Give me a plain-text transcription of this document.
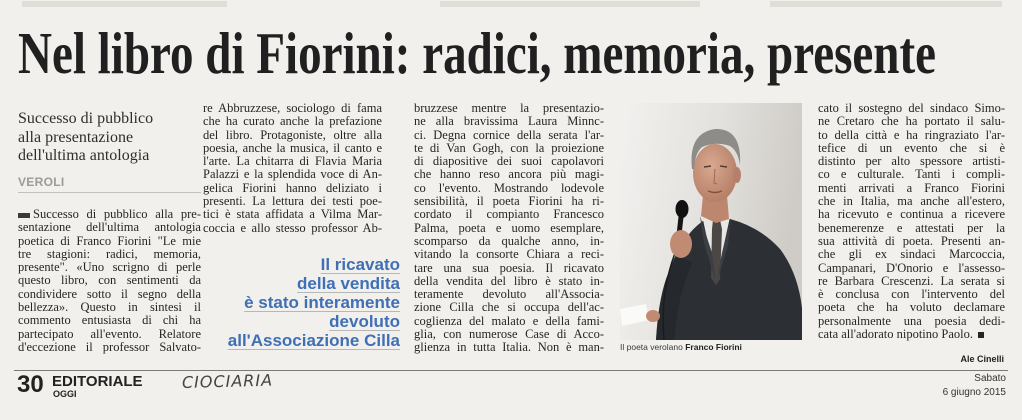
Nel libro di Fiorini: radici, memoria, presente
Successo di pubblico
alla presentazione
dell'ultima antologia
VEROLI
Successo di pubblico alla pre-
sentazione dell'ultima antologia
poetica di Franco Fiorini "Le mie
tre stagioni: radici, memoria,
presente". «Uno scrigno di perle
questo libro, con sentimenti da
condividere sotto il segno della
bellezza». Questo in sintesi il
commento entusiasta di chi ha
partecipato all'evento. Relatore
d'eccezione il professor Salvato-
re Abbruzzese, sociologo di fama
che ha curato anche la prefazione
del libro. Protagoniste, oltre alla
poesia, anche la musica, il canto e
l'arte. La chitarra di Flavia Maria
Palazzi e la splendida voce di An-
gelica Fiorini hanno deliziato i
presenti. La lettura dei testi poe-
tici è stata affidata a Vilma Mar-
coccia e allo stesso professor Ab-
Il ricavato
della vendita
è stato interamente
devoluto
all'Associazione Cilla
bruzzese mentre la presentazio-
ne alla bravissima Laura Minnc-
ci. Degna cornice della serata l'ar-
te di Van Gogh, con la proiezione
di diapositive dei suoi capolavori
che hanno reso ancora più magi-
co l'evento. Mostrando lodevole
sensibilità, il poeta Fiorini ha ri-
cordato il compianto Francesco
Palma, poeta e uomo esemplare,
scomparso da qualche anno, in-
vitando la consorte Chiara a reci-
tare una sua poesia. Il ricavato
della vendita del libro è stato in-
teramente devoluto all'Associa-
zione Cilla che si occupa dell'ac-
coglienza del malato e della fami-
glia, con numerose Case di Acco-
glienza in tutta Italia. Non è man- Il poeta verolano Franco Fiorini
cato il sostegno del sindaco Simo-
ne Cretaro che ha portato il salu-
to della città e ha ringraziato l'ar-
tefice di un evento che si è
distinto per alto spessore artisti-
co e culturale. Tanti i compli-
menti arrivati a Franco Fiorini
che in Italia, ma anche all'estero,
ha ricevuto e continua a ricevere
benemerenze e attestati per la
sua attività di poeta. Presenti an-
che gli ex sindaci Marcoccia,
Campanari, D'Onorio e l'assesso-
re Barbara Crescenzi. La serata si
è conclusa con l'intervento del
poeta che ha voluto declamare
personalmente una poesia dedi-
cata all'adorato nipotino Paolo.
Ale Cinelli
30 EDITORIALE
OGGI
CIOCIARIA	Sabato
6 giugno 2015
